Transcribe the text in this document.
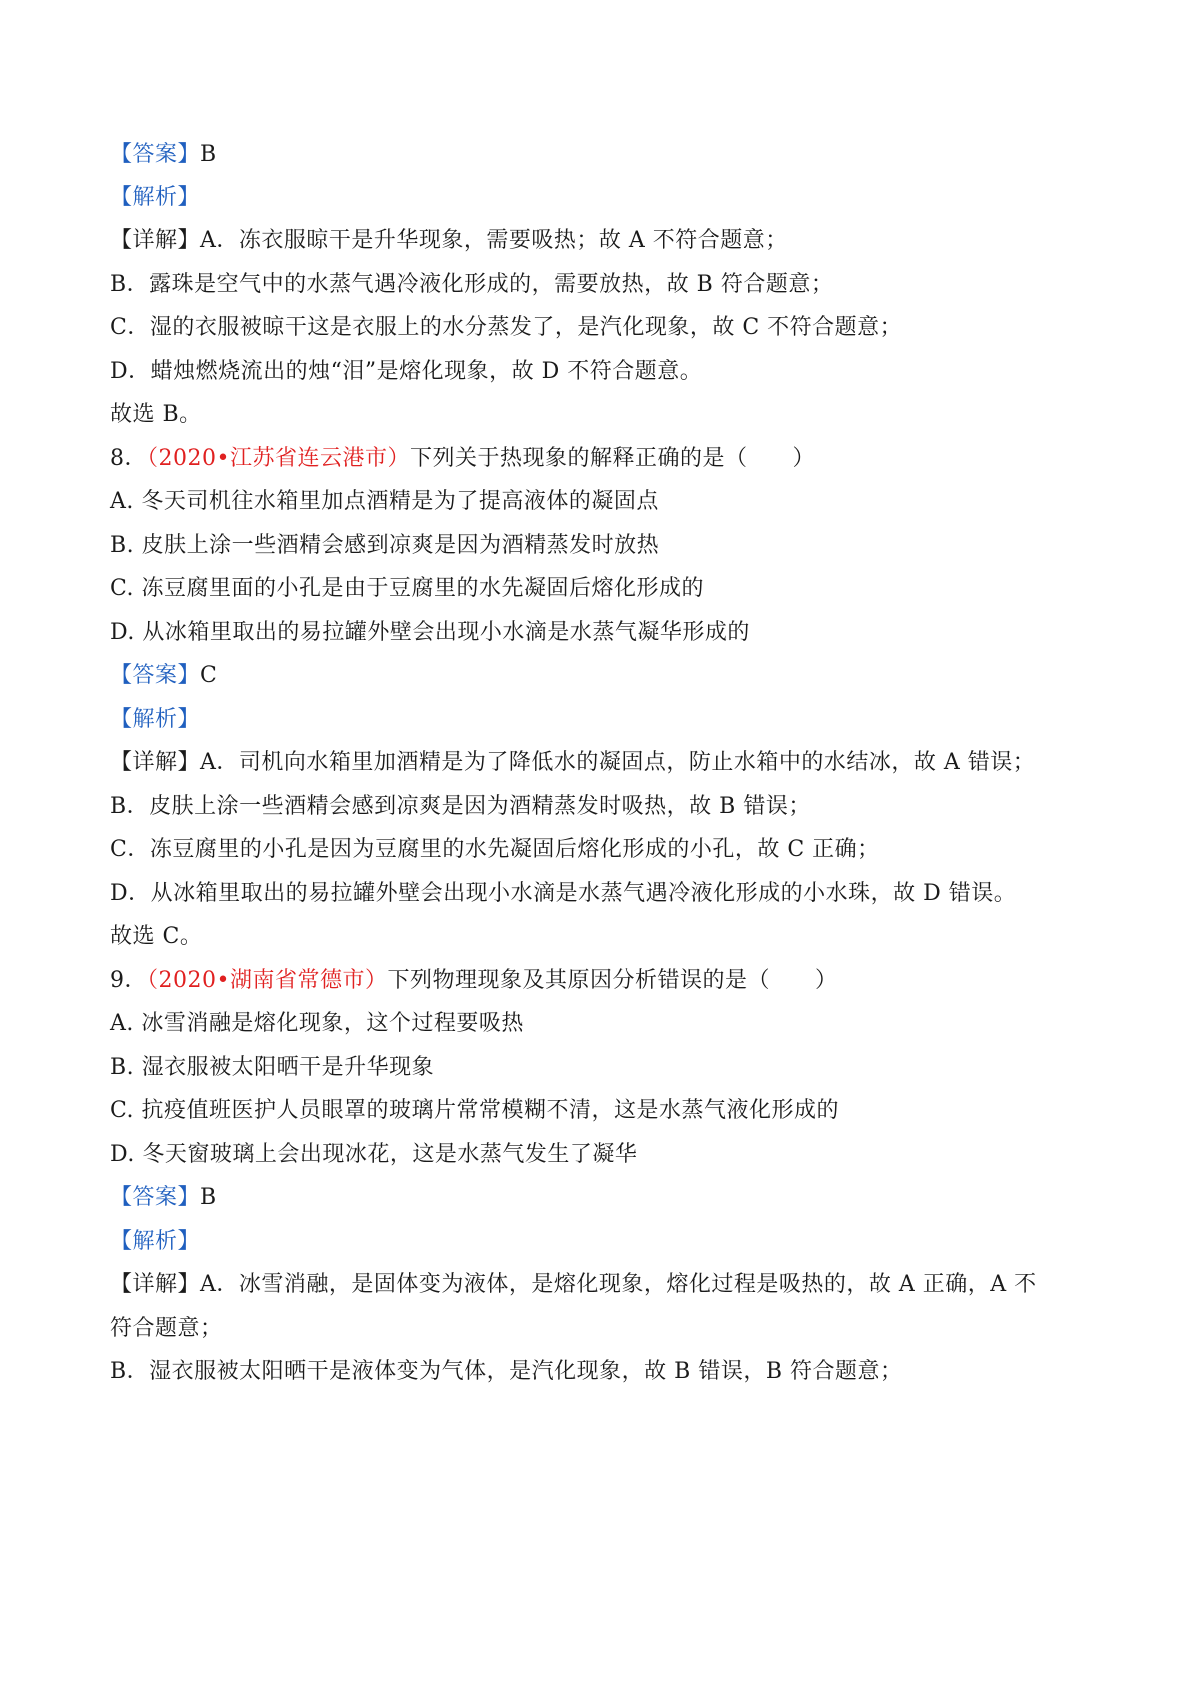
【答案】B
【解析】
【详解】A．冻衣服晾干是升华现象，需要吸热；故 A 不符合题意；
B．露珠是空气中的水蒸气遇冷液化形成的，需要放热，故 B 符合题意；
C．湿的衣服被晾干这是衣服上的水分蒸发了，是汽化现象，故 C 不符合题意；
D．蜡烛燃烧流出的烛“泪”是熔化现象，故 D 不符合题意。
故选 B。
8．（2020•江苏省连云港市）下列关于热现象的解释正确的是（　　）
A. 冬天司机往水箱里加点酒精是为了提高液体的凝固点
B. 皮肤上涂一些酒精会感到凉爽是因为酒精蒸发时放热
C. 冻豆腐里面的小孔是由于豆腐里的水先凝固后熔化形成的
D. 从冰箱里取出的易拉罐外壁会出现小水滴是水蒸气凝华形成的
【答案】C
【解析】
【详解】A．司机向水箱里加酒精是为了降低水的凝固点，防止水箱中的水结冰，故 A 错误；
B．皮肤上涂一些酒精会感到凉爽是因为酒精蒸发时吸热，故 B 错误；
C．冻豆腐里的小孔是因为豆腐里的水先凝固后熔化形成的小孔，故 C 正确；
D．从冰箱里取出的易拉罐外壁会出现小水滴是水蒸气遇冷液化形成的小水珠，故 D 错误。
故选 C。
9．（2020•湖南省常德市）下列物理现象及其原因分析错误的是（　　）
A. 冰雪消融是熔化现象，这个过程要吸热
B. 湿衣服被太阳晒干是升华现象
C. 抗疫值班医护人员眼罩的玻璃片常常模糊不清，这是水蒸气液化形成的
D. 冬天窗玻璃上会出现冰花，这是水蒸气发生了凝华
【答案】B
【解析】
【详解】A．冰雪消融，是固体变为液体，是熔化现象，熔化过程是吸热的，故 A 正确，A 不
符合题意；
B．湿衣服被太阳晒干是液体变为气体，是汽化现象，故 B 错误，B 符合题意；
